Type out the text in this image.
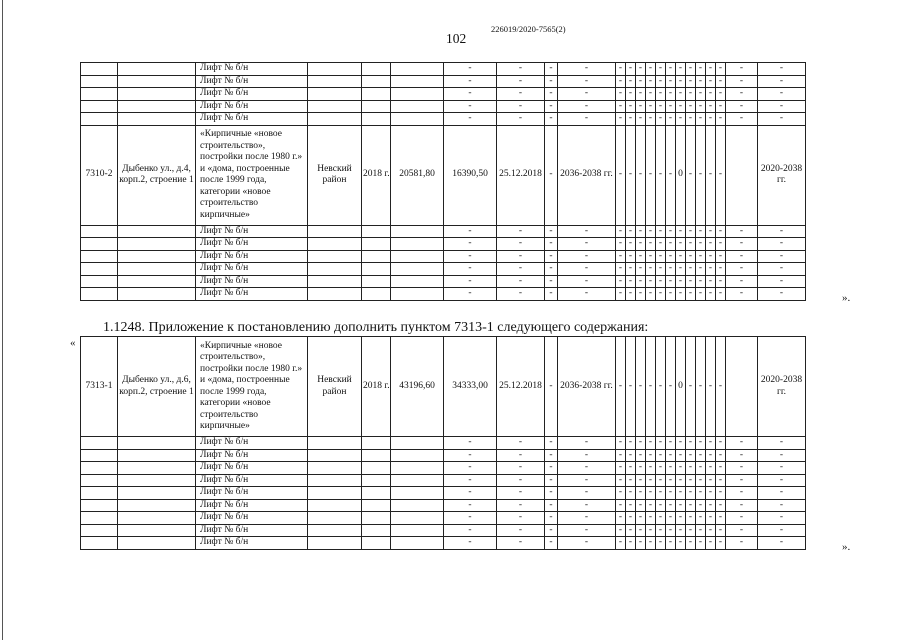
226019/2020-7565(2)
102
		Лифт № б/н				-	-	-	-	-	-	-	-	-	-	-	-	-	-	-	-	-
		Лифт № б/н				-	-	-	-	-	-	-	-	-	-	-	-	-	-	-	-	-
		Лифт № б/н				-	-	-	-	-	-	-	-	-	-	-	-	-	-	-	-	-
		Лифт № б/н				-	-	-	-	-	-	-	-	-	-	-	-	-	-	-	-	-
		Лифт № б/н				-	-	-	-	-	-	-	-	-	-	-	-	-	-	-	-	-
7310-2	Дыбенко ул., д.4, корп.2, строение 1	«Кирпичные «новое строительство», постройки после 1980 г.» и «дома, построенные после 1999 года, категории «новое строительство кирпичные»	Невский район	2018 г.	20581,80	16390,50	25.12.2018	-	2036-2038 гг.	-	-	-	-	-	-	0	-	-	-	-		2020-2038 гг.
		Лифт № б/н				-	-	-	-	-	-	-	-	-	-	-	-	-	-	-	-	-
		Лифт № б/н				-	-	-	-	-	-	-	-	-	-	-	-	-	-	-	-	-
		Лифт № б/н				-	-	-	-	-	-	-	-	-	-	-	-	-	-	-	-	-
		Лифт № б/н				-	-	-	-	-	-	-	-	-	-	-	-	-	-	-	-	-
		Лифт № б/н				-	-	-	-	-	-	-	-	-	-	-	-	-	-	-	-	-
		Лифт № б/н				-	-	-	-	-	-	-	-	-	-	-	-	-	-	-	-	-	».
1.1248. Приложение к постановлению дополнить пунктом 7313-1 следующего содержания:
«
7313-1	Дыбенко ул., д.6, корп.2, строение 1	«Кирпичные «новое строительство», постройки после 1980 г.» и «дома, построенные после 1999 года, категории «новое строительство кирпичные»	Невский район	2018 г.	43196,60	34333,00	25.12.2018	-	2036-2038 гг.	-	-	-	-	-	-	0	-	-	-	-		2020-2038 гг.
		Лифт № б/н				-	-	-	-	-	-	-	-	-	-	-	-	-	-	-	-	-
		Лифт № б/н				-	-	-	-	-	-	-	-	-	-	-	-	-	-	-	-	-
		Лифт № б/н				-	-	-	-	-	-	-	-	-	-	-	-	-	-	-	-	-
		Лифт № б/н				-	-	-	-	-	-	-	-	-	-	-	-	-	-	-	-	-
		Лифт № б/н				-	-	-	-	-	-	-	-	-	-	-	-	-	-	-	-	-
		Лифт № б/н				-	-	-	-	-	-	-	-	-	-	-	-	-	-	-	-	-
		Лифт № б/н				-	-	-	-	-	-	-	-	-	-	-	-	-	-	-	-	-
		Лифт № б/н				-	-	-	-	-	-	-	-	-	-	-	-	-	-	-	-	-
		Лифт № б/н				-	-	-	-	-	-	-	-	-	-	-	-	-	-	-	-	-	».
